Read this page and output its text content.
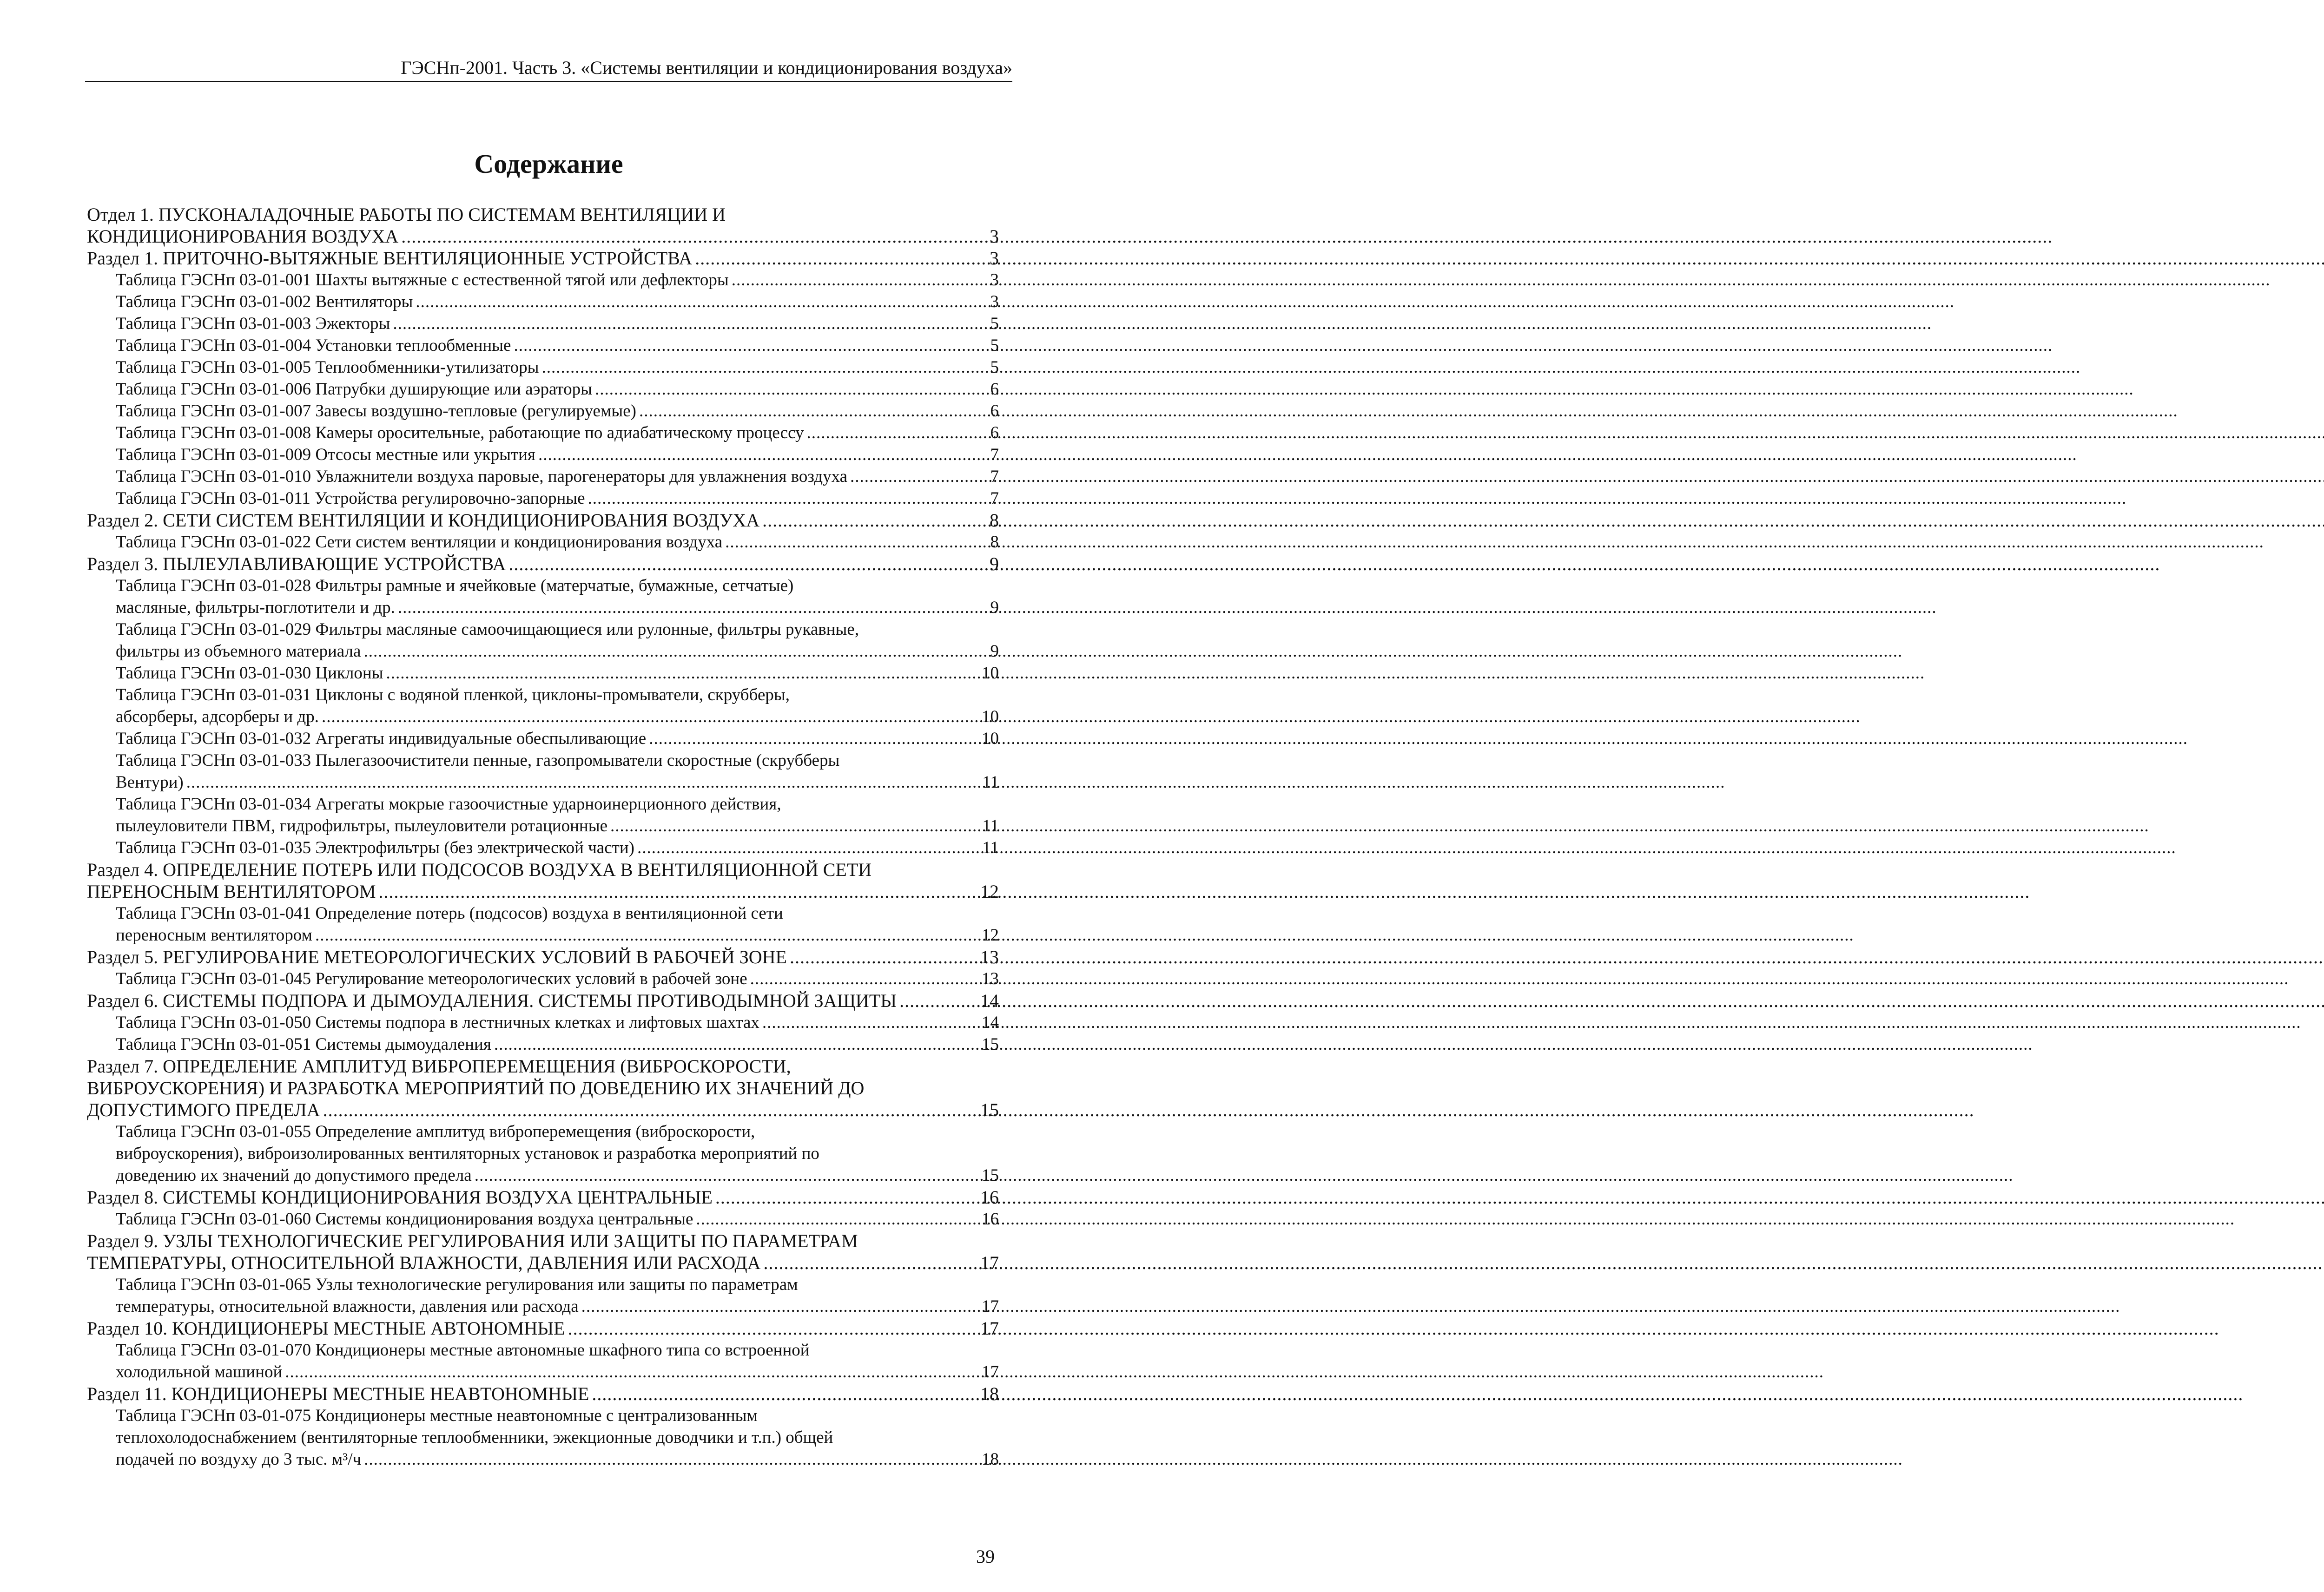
ГЭСНп-2001. Часть 3. «Системы вентиляции и кондиционирования воздуха»
Содержание
Отдел 1. ПУСКОНАЛАДОЧНЫЕ РАБОТЫ ПО СИСТЕМАМ ВЕНТИЛЯЦИИ И
КОНДИЦИОНИРОВАНИЯ ВОЗДУХА .....	3
Раздел 1. ПРИТОЧНО-ВЫТЯЖНЫЕ ВЕНТИЛЯЦИОННЫЕ УСТРОЙСТВА .....	3
Таблица ГЭСНп 03-01-001 Шахты вытяжные с естественной тягой или дефлекторы .....	3
Таблица ГЭСНп 03-01-002 Вентиляторы .....	3
Таблица ГЭСНп 03-01-003 Эжекторы .....	5
Таблица ГЭСНп 03-01-004 Установки теплообменные .....	5
Таблица ГЭСНп 03-01-005 Теплообменники-утилизаторы .....	5
Таблица ГЭСНп 03-01-006 Патрубки душирующие или аэраторы .....	6
Таблица ГЭСНп 03-01-007 Завесы воздушно-тепловые (регулируемые) .....	6
Таблица ГЭСНп 03-01-008 Камеры оросительные, работающие по адиабатическому процессу .....	6
Таблица ГЭСНп 03-01-009 Отсосы местные или укрытия .....	7
Таблица ГЭСНп 03-01-010 Увлажнители воздуха паровые, парогенераторы для увлажнения воздуха .....	7
Таблица ГЭСНп 03-01-011 Устройства регулировочно-запорные .....	7
Раздел 2. СЕТИ СИСТЕМ ВЕНТИЛЯЦИИ И КОНДИЦИОНИРОВАНИЯ ВОЗДУХА .....	8
Таблица ГЭСНп 03-01-022 Сети систем вентиляции и кондиционирования воздуха .....	8
Раздел 3. ПЫЛЕУЛАВЛИВАЮЩИЕ УСТРОЙСТВА .....	9
Таблица ГЭСНп 03-01-028 Фильтры рамные и ячейковые (матерчатые, бумажные, сетчатые)
масляные, фильтры-поглотители и др. .....	9
Таблица ГЭСНп 03-01-029 Фильтры масляные самоочищающиеся или рулонные, фильтры рукавные,
фильтры из объемного материала .....	9
Таблица ГЭСНп 03-01-030 Циклоны .....	10
Таблица ГЭСНп 03-01-031 Циклоны с водяной пленкой, циклоны-промыватели, скрубберы,
абсорберы, адсорберы и др. .....	10
Таблица ГЭСНп 03-01-032 Агрегаты индивидуальные обеспыливающие .....	10
Таблица ГЭСНп 03-01-033 Пылегазоочистители пенные, газопромыватели скоростные (скрубберы
Вентури) .....	11
Таблица ГЭСНп 03-01-034 Агрегаты мокрые газоочистные ударноинерционного действия,
пылеуловители ПВМ, гидрофильтры, пылеуловители ротационные .....	11
Таблица ГЭСНп 03-01-035 Электрофильтры (без электрической части) .....	11
Раздел 4. ОПРЕДЕЛЕНИЕ ПОТЕРЬ ИЛИ ПОДСОСОВ ВОЗДУХА В ВЕНТИЛЯЦИОННОЙ СЕТИ
ПЕРЕНОСНЫМ ВЕНТИЛЯТОРОМ .....	12
Таблица ГЭСНп 03-01-041 Определение потерь (подсосов) воздуха в вентиляционной сети
переносным вентилятором .....	12
Раздел 5. РЕГУЛИРОВАНИЕ МЕТЕОРОЛОГИЧЕСКИХ УСЛОВИЙ В РАБОЧЕЙ ЗОНЕ .....	13
Таблица ГЭСНп 03-01-045 Регулирование метеорологических условий в рабочей зоне .....	13
Раздел 6. СИСТЕМЫ ПОДПОРА И ДЫМОУДАЛЕНИЯ. СИСТЕМЫ ПРОТИВОДЫМНОЙ ЗАЩИТЫ .....	14
Таблица ГЭСНп 03-01-050 Системы подпора в лестничных клетках и лифтовых шахтах .....	14
Таблица ГЭСНп 03-01-051 Системы дымоудаления .....	15
Раздел 7. ОПРЕДЕЛЕНИЕ АМПЛИТУД ВИБРОПЕРЕМЕЩЕНИЯ (ВИБРОСКОРОСТИ,
ВИБРОУСКОРЕНИЯ) И РАЗРАБОТКА МЕРОПРИЯТИЙ ПО ДОВЕДЕНИЮ ИХ ЗНАЧЕНИЙ ДО
ДОПУСТИМОГО ПРЕДЕЛА .....	15
Таблица ГЭСНп 03-01-055 Определение амплитуд виброперемещения (виброскорости,
виброускорения), виброизолированных вентиляторных установок и разработка мероприятий по
доведению их значений до допустимого предела .....	15
Раздел 8. СИСТЕМЫ КОНДИЦИОНИРОВАНИЯ ВОЗДУХА ЦЕНТРАЛЬНЫЕ .....	16
Таблица ГЭСНп 03-01-060 Системы кондиционирования воздуха центральные .....	16
Раздел 9. УЗЛЫ ТЕХНОЛОГИЧЕСКИЕ РЕГУЛИРОВАНИЯ ИЛИ ЗАЩИТЫ ПО ПАРАМЕТРАМ
ТЕМПЕРАТУРЫ, ОТНОСИТЕЛЬНОЙ ВЛАЖНОСТИ, ДАВЛЕНИЯ ИЛИ РАСХОДА .....	17
Таблица ГЭСНп 03-01-065 Узлы технологические регулирования или защиты по параметрам
температуры, относительной влажности, давления или расхода .....	17
Раздел 10. КОНДИЦИОНЕРЫ МЕСТНЫЕ АВТОНОМНЫЕ .....	17
Таблица ГЭСНп 03-01-070 Кондиционеры местные автономные шкафного типа со встроенной
холодильной машиной .....	17
Раздел 11. КОНДИЦИОНЕРЫ МЕСТНЫЕ НЕАВТОНОМНЫЕ .....	18
Таблица ГЭСНп 03-01-075 Кондиционеры местные неавтономные с централизованным
теплохолодоснабжением (вентиляторные теплообменники, эжекционные доводчики и т.п.) общей
подачей по воздуху до 3 тыс. м³/ч .....	18
39
